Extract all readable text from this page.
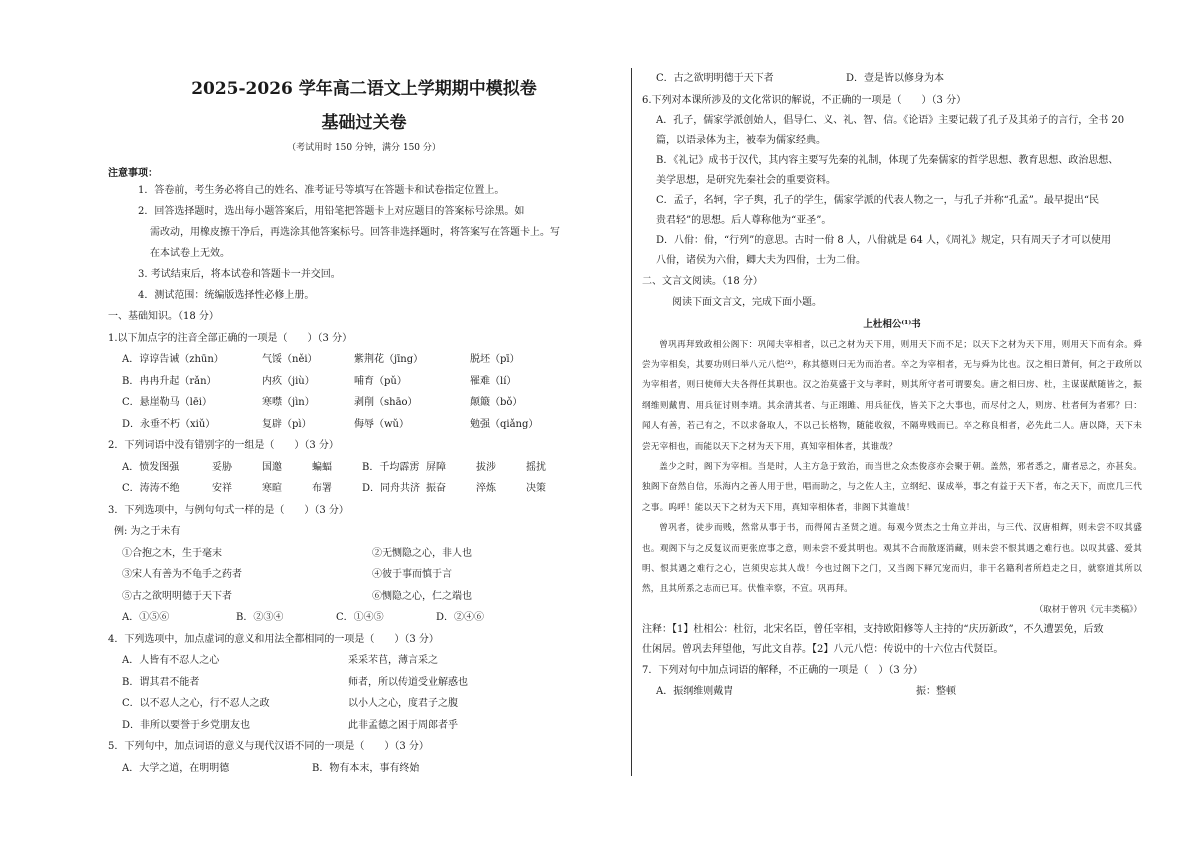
2025-2026 学年高二语文上学期期中模拟卷
基础过关卷
（考试用时 150 分钟，满分 150 分）
注意事项：
1．答卷前，考生务必将自己的姓名、准考证号等填写在答题卡和试卷指定位置上。
2．回答选择题时，选出每小题答案后，用铅笔把答题卡上对应题目的答案标号涂黑。如
需改动，用橡皮擦干净后，再选涂其他答案标号。回答非选择题时，将答案写在答题卡上。写
在本试卷上无效。
3. 考试结束后，将本试卷和答题卡一并交回。
4．测试范围：统编版选择性必修上册。
一、基础知识。（18 分）
1.以下加点字的注音全部正确的一项是（　　）（3 分）
A．谆谆告诫（zhūn）	气馁（něi）	紫荆花（jīng）	脱坯（pī）
B．冉冉升起（rǎn）	内疚（jiù）	哺育（pǔ）	罹难（lí）
C．悬崖勒马（lēi）	寒噤（jìn）	剥削（shāo）	颠簸（bǒ）
D．永垂不朽（xiǔ）	复辟（pì）	侮辱（wǔ）	勉强（qiǎng）
2．下列词语中没有错别字的一组是（　　）（3 分）
A．愤发图强	妥胁	国邀	蝙蝠	B．千均霹雳 屏障	拔涉	摇扰
C．涛涛不绝	安祥	寒暄	布署	D．同舟共济 振奋	淬炼	决策
3．下列选项中，与例句句式一样的是（　　）（3 分）
例: 为之于未有
①合抱之木，生于毫末	②无恻隐之心，非人也
③宋人有善为不龟手之药者	④彼于事而慎于言
⑤古之欲明明德于天下者	⑥恻隐之心，仁之端也
A．①⑤⑥	B．②③④	C．①④⑤	D．②④⑥
4．下列选项中，加点虚词的意义和用法全都相同的一项是（　　）（3 分）
A．人皆有不忍人之心	采采芣苢，薄言采之
B．谓其君不能者	师者，所以传道受业解惑也
C．以不忍人之心，行不忍人之政	以小人之心，度君子之腹
D．非所以要誉于乡党朋友也	此非孟德之困于周郎者乎
5．下列句中，加点词语的意义与现代汉语不同的一项是（　　）（3 分）
A．大学之道，在明明德	B．物有本末，事有终始
C．古之欲明明德于天下者	D．壹是皆以修身为本
6.下列对本课所涉及的文化常识的解说，不正确的一项是（　　）（3 分）
A．孔子，儒家学派创始人，倡导仁、义、礼、智、信。《论语》主要记载了孔子及其弟子的言行，全书 20
篇，以语录体为主，被奉为儒家经典。
B．《礼记》成书于汉代，其内容主要写先秦的礼制，体现了先秦儒家的哲学思想、教育思想、政治思想、
美学思想，是研究先秦社会的重要资料。
C．孟子，名轲，字子舆，孔子的学生，儒家学派的代表人物之一，与孔子并称“孔孟”。最早提出“民
贵君轻”的思想。后人尊称他为“亚圣”。
D．八佾：佾，“行列”的意思。古时一佾 8 人，八佾就是 64 人，《周礼》规定，只有周天子才可以使用
八佾，诸侯为六佾，卿大夫为四佾，士为二佾。
二、文言文阅读。（18 分）
阅读下面文言文，完成下面小题。
上杜相公⁽¹⁾书

曾巩再拜致政相公阁下：巩闻夫宰相者，以己之材为天下用，则用天下而不足；以天下之材为天下用，则用天下而有余。舜尝为宰相矣，其要功则曰举八元八恺⁽²⁾，称其德则曰无为而治者。卒之为宰相者，无与舜为比也。汉之相曰萧何，何之于政所以为宰相者，则曰使师大夫各得任其职也。汉之治莫盛于文与孝时，则其所守者可谓要矣。唐之相曰房、杜，主谋谋猷随皆之，振纲维则戴胄、用兵征讨则李靖。其余清其者、与正翊雎、用兵征伐，皆关下之大事也，而尽付之人，则房、杜者何为者邪？曰：闻人有善，若己有之，不以求备取人，不以己长格物，随能收叙，不隔卑贱而已。卒之称良相者，必先此二人。唐以降，天下未尝无宰相也，而能以天下之材为天下用，真知宰相体者，其谁哉？

盖少之时，阁下为宰相。当是时，人主方急于致治，而当世之众杰俊彦亦会聚于朝。盖然，邪者悉之，庸者忌之，亦甚矣。独阁下奋然自信，乐海内之善人用于世，唱而助之，与之佐人主，立纲纪、谋成举，事之有益于天下者，布之天下，而庶几三代之事。呜呼！能以天下之材为天下用，真知宰相体者，非阁下其谁哉！

曾巩者，徒步而贱，然常从事于书，而得闻古圣贤之道。每观今贤杰之士角立并出，与三代、汉唐相辉，则未尝不叹其盛也。观阁下与之反复议而更张庶事之意，则未尝不爱其明也。观其不合而散逐消藏，则未尝不恨其遇之难行也。以叹其盛、爱其明、恨其遇之难行之心，岂须臾忘其人哉！今也过阁下之门，又当阁下释冗宠而归，非干名籍利者所趋走之日，就察道其所以然，且其所系之志而已耳。伏惟幸察，不宣。巩再拜。

（取材于曾巩《元丰类稿》）
注释：【1】杜相公：杜衍，北宋名臣，曾任宰相，支持欧阳修等人主持的“庆历新政”，不久遭罢免，后致
仕闲居。曾巩去拜望他，写此文自荐。【2】八元八恺：传说中的十六位古代贤臣。
7．下列对句中加点词语的解释，不正确的一项是（　）（3 分）
A．振纲维则戴胄	振：整顿
